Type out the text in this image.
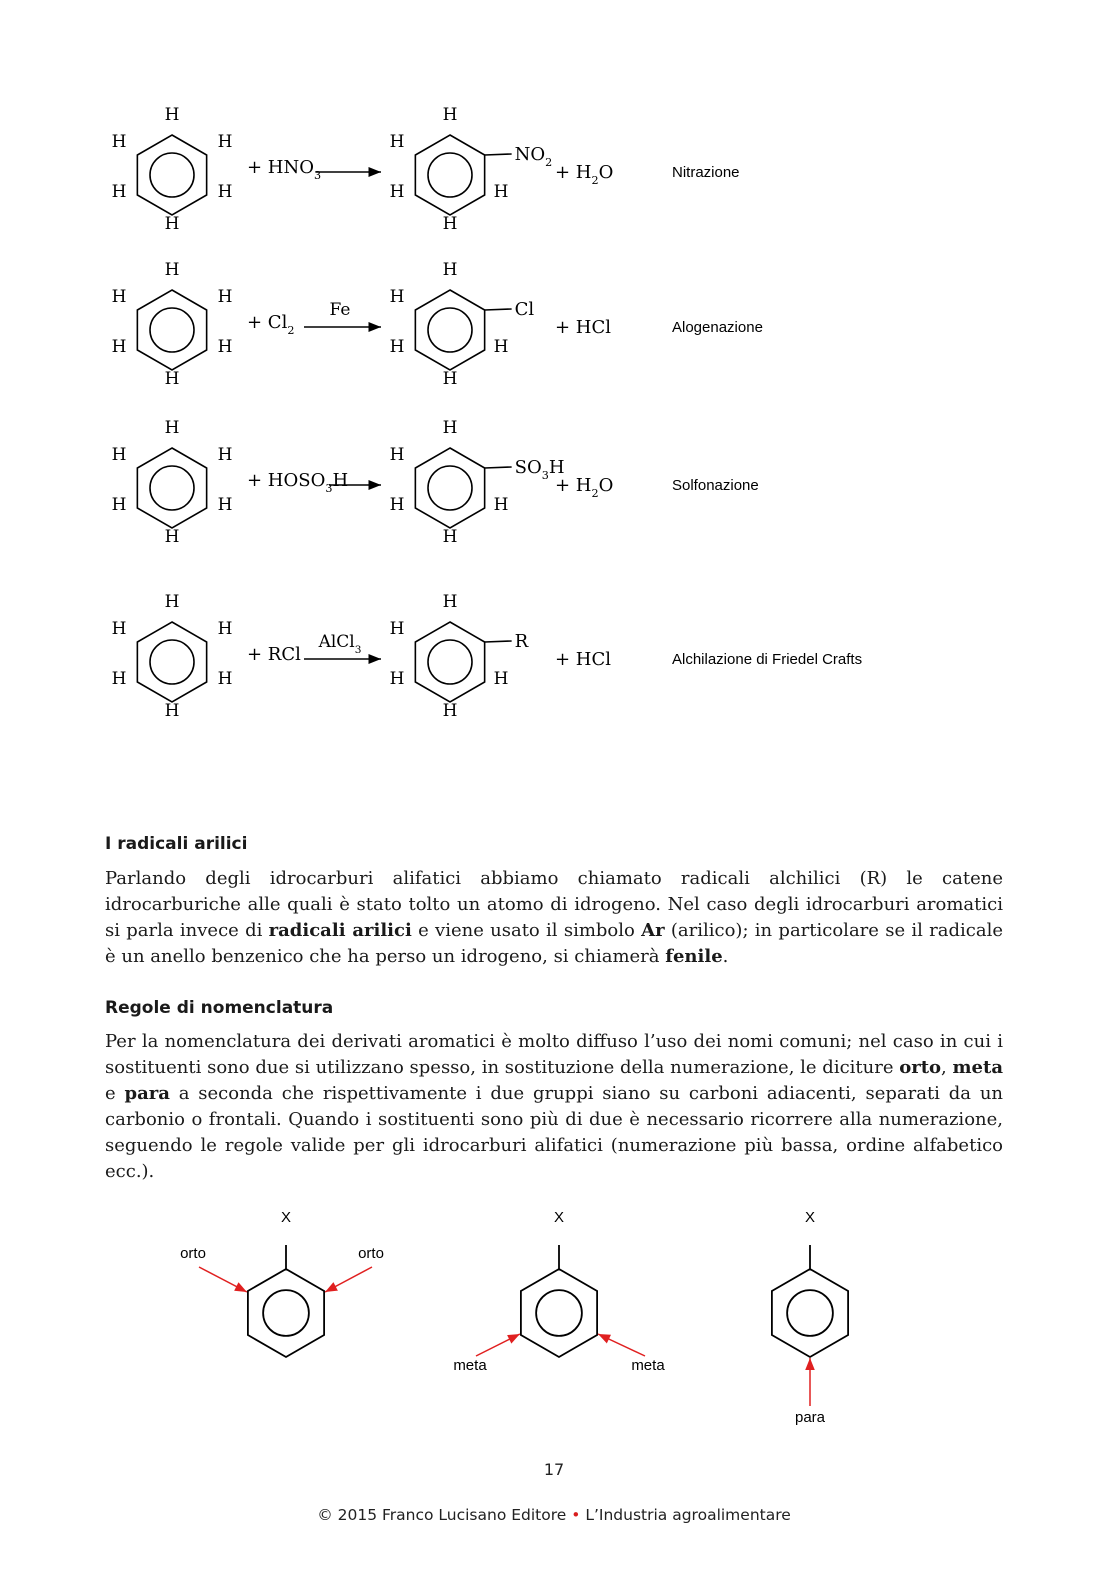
H
H
H
H
H
H
+ $HNO_3$
H
H
H	H
H
$NO_2 + H_2O$	Nitrazione
H
H
H
H
H
H
+ $Cl_2$
Fe
H
H
H	H
H
Cl
+ HCl	Alogenazione
H
H
H
H
H
H
+ $HOSO_3H$
H
H
H	H
H
$SO_3H$
+ $H_2O$	Solfonazione
H
H
H
H
H
H
+ RCl
AlCl$_3$
H
H
H	H
H
R
+ HCl	Alchilazione di Friedel Crafts
I radicali arilici

Parlando degli idrocarburi alifatici abbiamo chiamato radicali alchilici (R) le catene idrocarburiche alle quali è stato tolto un atomo di idrogeno. Nel caso degli idrocarburi aromatici si parla invece di radicali arilici e viene usato il simbolo Ar (arilico); in particolare se il radicale è un anello benzenico che ha perso un idrogeno, si chiamerà fenile.

Regole di nomenclatura

Per la nomenclatura dei derivati aromatici è molto diffuso l’uso dei nomi comuni; nel caso in cui i sostituenti sono due si utilizzano spesso, in sostituzione della numerazione, le diciture orto, meta e para a seconda che rispettivamente i due gruppi siano su carboni adiacenti, separati da un carbonio o frontali. Quando i sostituenti sono più di due è necessario ricorrere alla numerazione, seguendo le regole valide per gli idrocarburi alifatici (numerazione più bassa, ordine alfabetico ecc.).

X
orto	orto
X
meta	meta
X
para
17
© 2015 Franco Lucisano Editore • L’Industria agroalimentare
